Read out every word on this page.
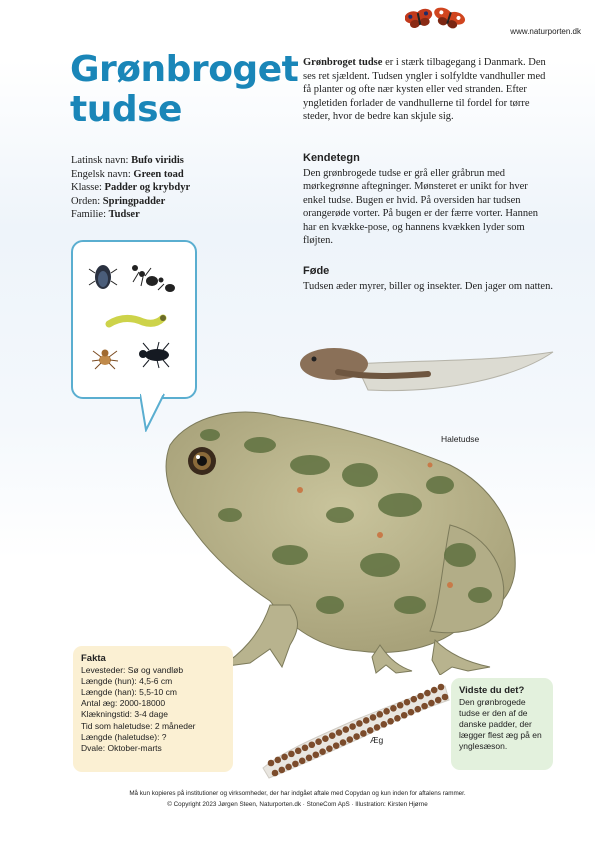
www.naturporten.dk
Grønbroget tudse
Latinsk navn: Bufo viridis
Engelsk navn: Green toad
Klasse: Padder og krybdyr
Orden: Springpadder
Familie: Tudser

Grønbroget tudse er i stærk tilbagegang i Danmark. Den ses ret sjældent. Tudsen yngler i solfyldte vandhuller med få planter og ofte nær kysten eller ved stranden. Efter yngletiden forlader de vandhullerne til fordel for tørre steder, hvor de bedre kan skjule sig.

Kendetegn

Den grønbrogede tudse er grå eller gråbrun med mørkegrønne aftegninger. Mønsteret er unikt for hver enkel tudse. Bugen er hvid. På oversiden har tudsen orangerøde vorter. På bugen er der færre vorter. Hannen har en kvække-pose, og hannens kvækken lyder som fløjten.

Føde

Tudsen æder myrer, biller og insekter. Den jager om natten.

Haletudse
Æg
Fakta
Levesteder: Sø og vandløb
Længde (hun): 4,5-6 cm
Længde (han): 5,5-10 cm
Antal æg: 2000-18000
Klækningstid: 3-4 dage
Tid som haletudse: 2 måneder
Længde (haletudse): ?
Dvale: Oktober-marts
Vidste du det?
Den grønbrogede tudse er den af de danske padder, der lægger flest æg på en ynglesæson.
Må kun kopieres på institutioner og virksomheder, der har indgået aftale med Copydan og kun inden for aftalens rammer.
© Copyright 2023 Jørgen Steen, Naturporten.dk · StoneCom ApS · Illustration: Kirsten Hjørne
